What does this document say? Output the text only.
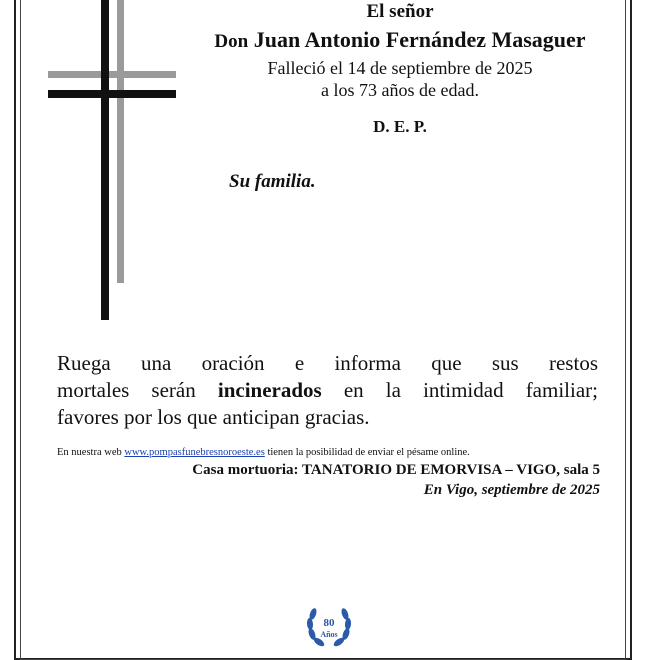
El señor
Don Juan Antonio Fernández Masaguer
Falleció el 14 de septiembre de 2025
a los 73 años de edad.
D. E. P.
Su familia.
Ruega una oración e informa que sus restos
mortales serán incinerados en la intimidad familiar;
favores por los que anticipan gracias.
En nuestra web www.pompasfunebresnoroeste.es tienen la posibilidad de enviar el pésame online.
Casa mortuoria: TANATORIO DE EMORVISA – VIGO, sala 5
En Vigo, septiembre de 2025
80
Años
